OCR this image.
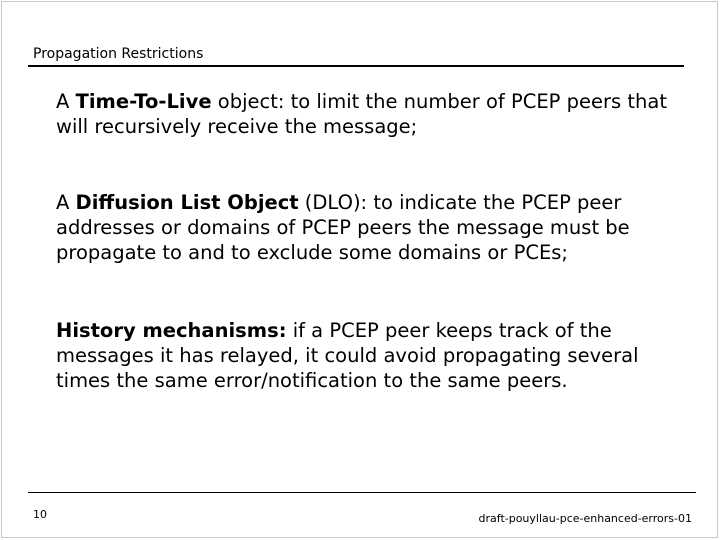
Propagation Restrictions

A Time-To-Live object: to limit the number of PCEP peers that will recursively receive the message;

A Diffusion List Object (DLO): to indicate the PCEP peer addresses or domains of PCEP peers the message must be propagate to and to exclude some domains or PCEs;

History mechanisms: if a PCEP peer keeps track of the messages it has relayed, it could avoid propagating several times the same error/notification to the same peers.

10	draft-pouyllau-pce-enhanced-errors-01
